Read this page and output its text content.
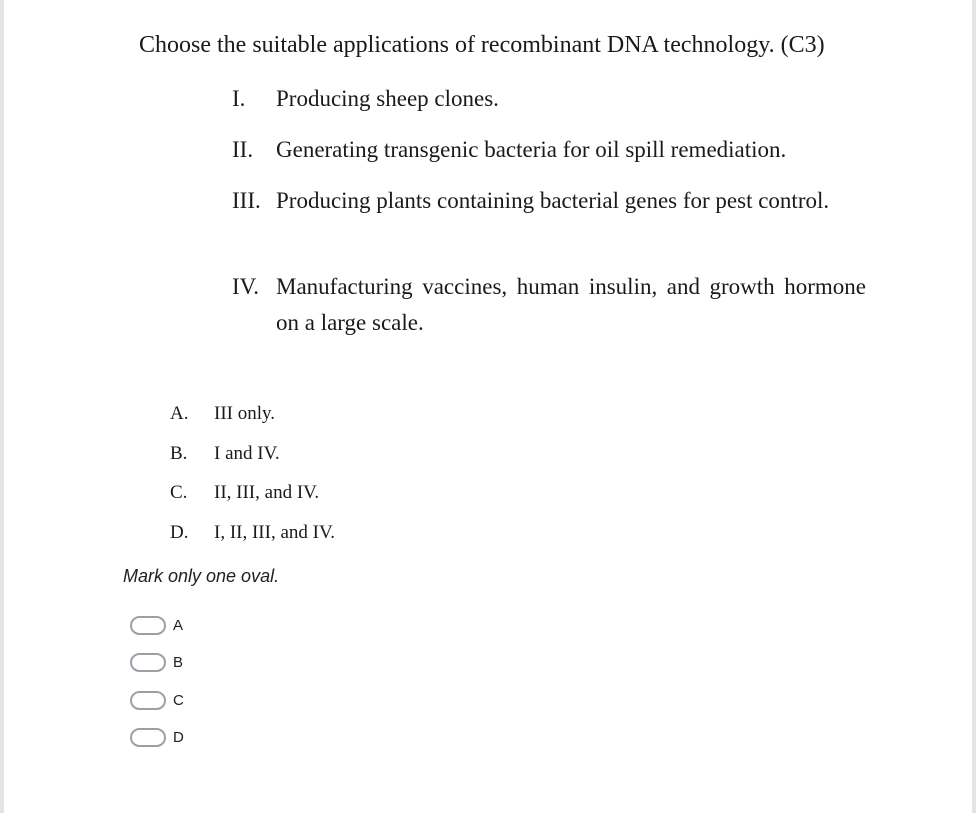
Choose the suitable applications of recombinant DNA technology. (C3)
I. Producing sheep clones.
II. Generating transgenic bacteria for oil spill remediation.
III. Producing plants containing bacterial genes for pest control.
IV. Manufacturing vaccines, human insulin, and growth hormone on a large scale.
A. III only.
B. I and IV.
C. II, III, and IV.
D. I, II, III, and IV.
Mark only one oval.
A
B
C
D
